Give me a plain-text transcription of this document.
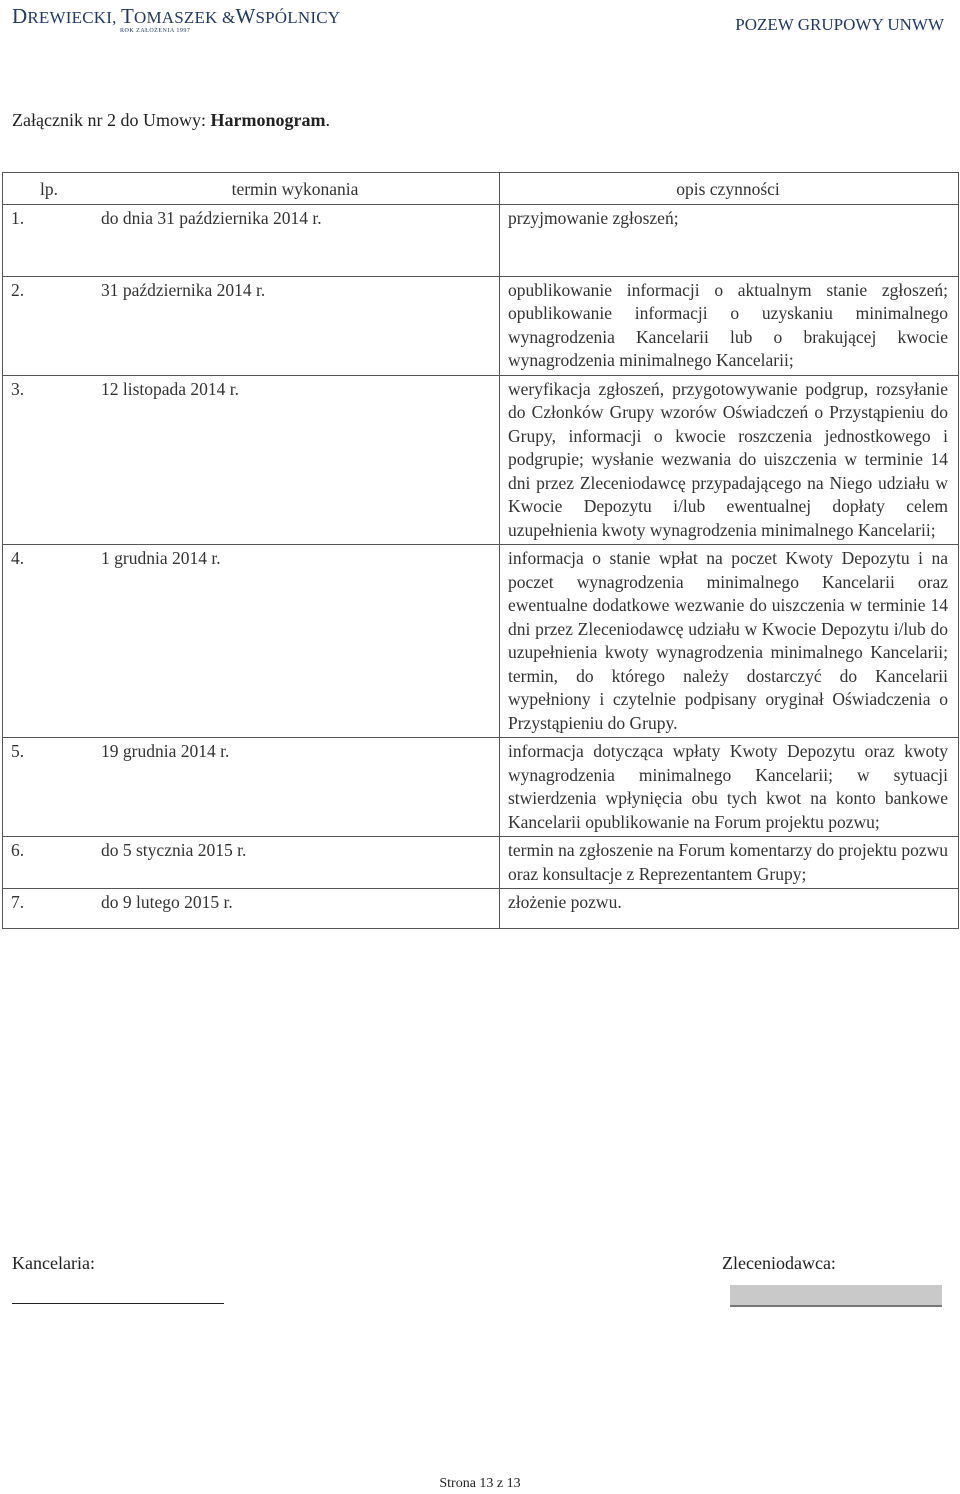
DREWIECKI, TOMASZEK &WSPÓLNICY
ROK ZAŁOŻENIA 1997	POZEW GRUPOWY UNWW
Załącznik nr 2 do Umowy: Harmonogram.
lp.	termin wykonania	opis czynności
1.	do dnia 31 października 2014 r.	przyjmowanie zgłoszeń;
2.	31 października 2014 r.	opublikowanie informacji o aktualnym stanie zgłoszeń; opublikowanie informacji o uzyskaniu minimalnego wynagrodzenia Kancelarii lub o brakującej kwocie wynagrodzenia minimalnego Kancelarii;
3.	12 listopada 2014 r.	weryfikacja zgłoszeń, przygotowywanie podgrup, rozsyłanie do Członków Grupy wzorów Oświadczeń o Przystąpieniu do Grupy, informacji o kwocie roszczenia jednostkowego i podgrupie; wysłanie wezwania do uiszczenia w terminie 14 dni przez Zleceniodawcę przypadającego na Niego udziału w Kwocie Depozytu i/lub ewentualnej dopłaty celem uzupełnienia kwoty wynagrodzenia minimalnego Kancelarii;
4.	1 grudnia 2014 r.	informacja o stanie wpłat na poczet Kwoty Depozytu i na poczet wynagrodzenia minimalnego Kancelarii oraz ewentualne dodatkowe wezwanie do uiszczenia w terminie 14 dni przez Zleceniodawcę udziału w Kwocie Depozytu i/lub do uzupełnienia kwoty wynagrodzenia minimalnego Kancelarii; termin, do którego należy dostarczyć do Kancelarii wypełniony i czytelnie podpisany oryginał Oświadczenia o Przystąpieniu do Grupy.
5.	19 grudnia 2014 r.	informacja dotycząca wpłaty Kwoty Depozytu oraz kwoty wynagrodzenia minimalnego Kancelarii; w sytuacji stwierdzenia wpłynięcia obu tych kwot na konto bankowe Kancelarii opublikowanie na Forum projektu pozwu;
6.	do 5 stycznia 2015 r.	termin na zgłoszenie na Forum komentarzy do projektu pozwu oraz konsultacje z Reprezentantem Grupy;
7.	do 9 lutego 2015 r.	złożenie pozwu.
Kancelaria:	Zleceniodawca:
Strona 13 z 13
